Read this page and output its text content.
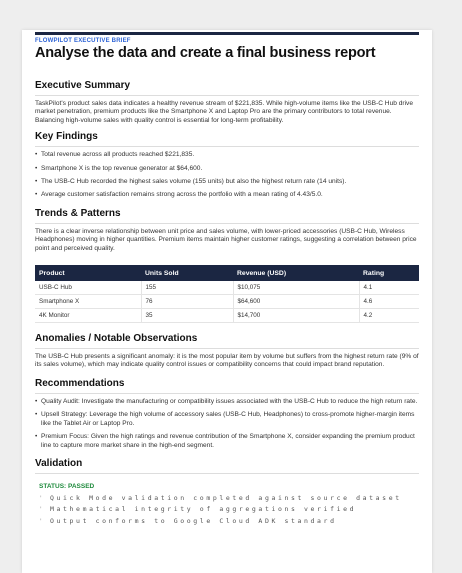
FLOWPILOT EXECUTIVE BRIEF
Analyse the data and create a final business report
Executive Summary

TaskPilot's product sales data indicates a healthy revenue stream of $221,835. While high-volume items like the USB-C Hub drive market penetration, premium products like the Smartphone X and Laptop Pro are the primary contributors to total revenue. Balancing high-volume sales with quality control is essential for long-term profitability.

Key Findings
• Total revenue across all products reached $221,835.
• Smartphone X is the top revenue generator at $64,600.
• The USB-C Hub recorded the highest sales volume (155 units) but also the highest return rate (14 units).
• Average customer satisfaction remains strong across the portfolio with a mean rating of 4.43/5.0.
Trends & Patterns

There is a clear inverse relationship between unit price and sales volume, with lower-priced accessories (USB-C Hub, Wireless Headphones) moving in higher quantities. Premium items maintain higher customer ratings, suggesting a correlation between price point and perceived quality.

Product	Units Sold	Revenue (USD)	Rating
USB-C Hub	155	$10,075	4.1
Smartphone X	76	$64,600	4.6
4K Monitor	35	$14,700	4.2
Anomalies / Notable Observations

The USB-C Hub presents a significant anomaly: it is the most popular item by volume but suffers from the highest return rate (9% of its sales volume), which may indicate quality control issues or compatibility concerns that could impact brand reputation.

Recommendations
• Quality Audit: Investigate the manufacturing or compatibility issues associated with the USB-C Hub to reduce the high return rate.
• Upsell Strategy: Leverage the high volume of accessory sales (USB-C Hub, Headphones) to cross-promote higher-margin items like the Tablet Air or Laptop Pro.
• Premium Focus: Given the high ratings and revenue contribution of the Smartphone X, consider expanding the premium product line to capture more market share in the high-end segment.
Validation
STATUS: PASSED
' Quick Mode validation completed against source dataset
' Mathematical integrity of aggregations verified
' Output conforms to Google Cloud ADK standard
